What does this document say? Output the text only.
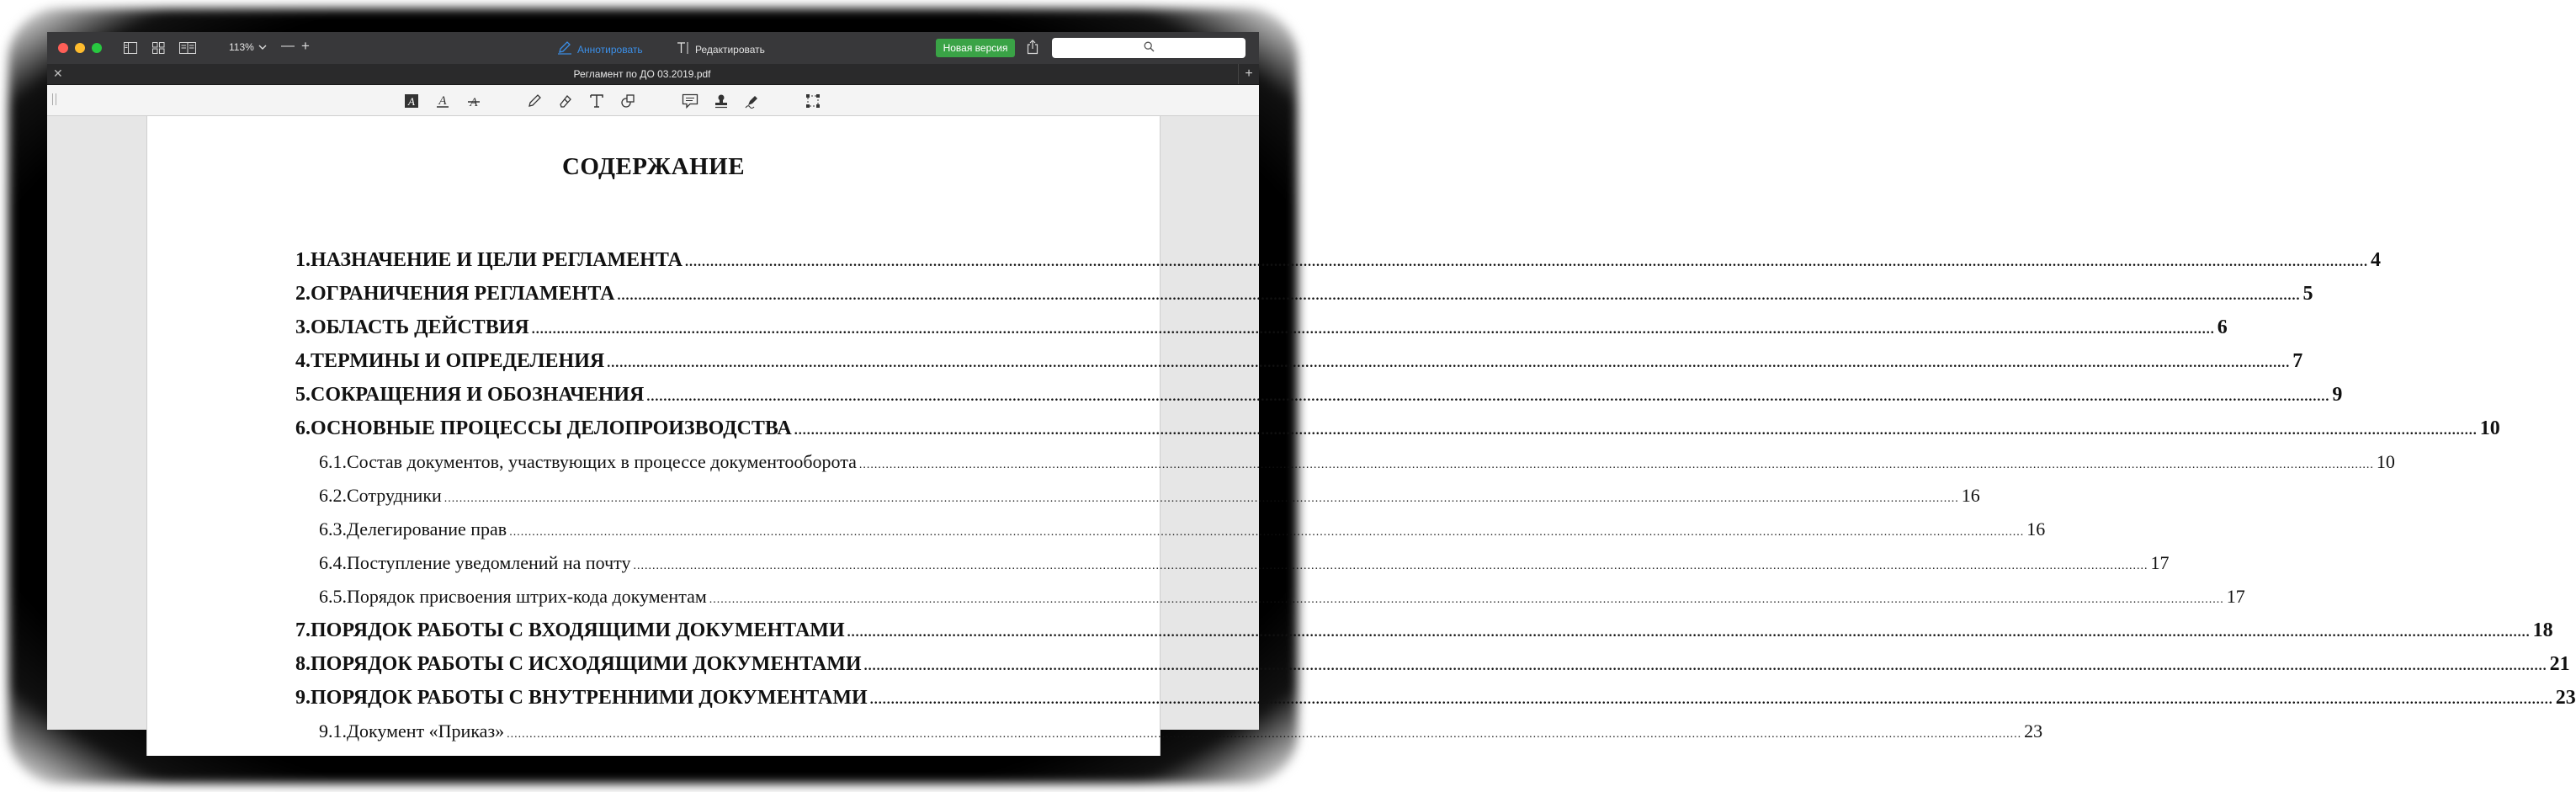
113% — +	Аннотировать	Редактировать	Новая версия
✕	Регламент по ДО 03.2019.pdf	+
A A A
СОДЕРЖАНИЕ
1. НАЗНАЧЕНИЕ И ЦЕЛИ РЕГЛАМЕНТА ................................................................................................................................................................................................................................................................................................................................................................................................................ 4
2. ОГРАНИЧЕНИЯ РЕГЛАМЕНТА ................................................................................................................................................................................................................................................................................................................................................................................................................ 5
3. ОБЛАСТЬ ДЕЙСТВИЯ ................................................................................................................................................................................................................................................................................................................................................................................................................ 6
4. ТЕРМИНЫ И ОПРЕДЕЛЕНИЯ ................................................................................................................................................................................................................................................................................................................................................................................................................ 7
5. СОКРАЩЕНИЯ И ОБОЗНАЧЕНИЯ ................................................................................................................................................................................................................................................................................................................................................................................................................ 9
6. ОСНОВНЫЕ ПРОЦЕССЫ ДЕЛОПРОИЗВОДСТВА ................................................................................................................................................................................................................................................................................................................................................................................................................ 10
6.1. Состав документов, участвующих в процессе документооборота ................................................................................................................................................................................................................................................................................................................................................................................................................ 10
6.2. Сотрудники ................................................................................................................................................................................................................................................................................................................................................................................................................ 16
6.3. Делегирование прав ................................................................................................................................................................................................................................................................................................................................................................................................................ 16
6.4. Поступление уведомлений на почту ................................................................................................................................................................................................................................................................................................................................................................................................................ 17
6.5. Порядок присвоения штрих-кода документам ................................................................................................................................................................................................................................................................................................................................................................................................................ 17
7. ПОРЯДОК РАБОТЫ С ВХОДЯЩИМИ ДОКУМЕНТАМИ ................................................................................................................................................................................................................................................................................................................................................................................................................ 18
8. ПОРЯДОК РАБОТЫ С ИСХОДЯЩИМИ ДОКУМЕНТАМИ ................................................................................................................................................................................................................................................................................................................................................................................................................ 21
9. ПОРЯДОК РАБОТЫ С ВНУТРЕННИМИ ДОКУМЕНТАМИ ................................................................................................................................................................................................................................................................................................................................................................................................................ 23
9.1. Документ «Приказ» ................................................................................................................................................................................................................................................................................................................................................................................................................ 23
